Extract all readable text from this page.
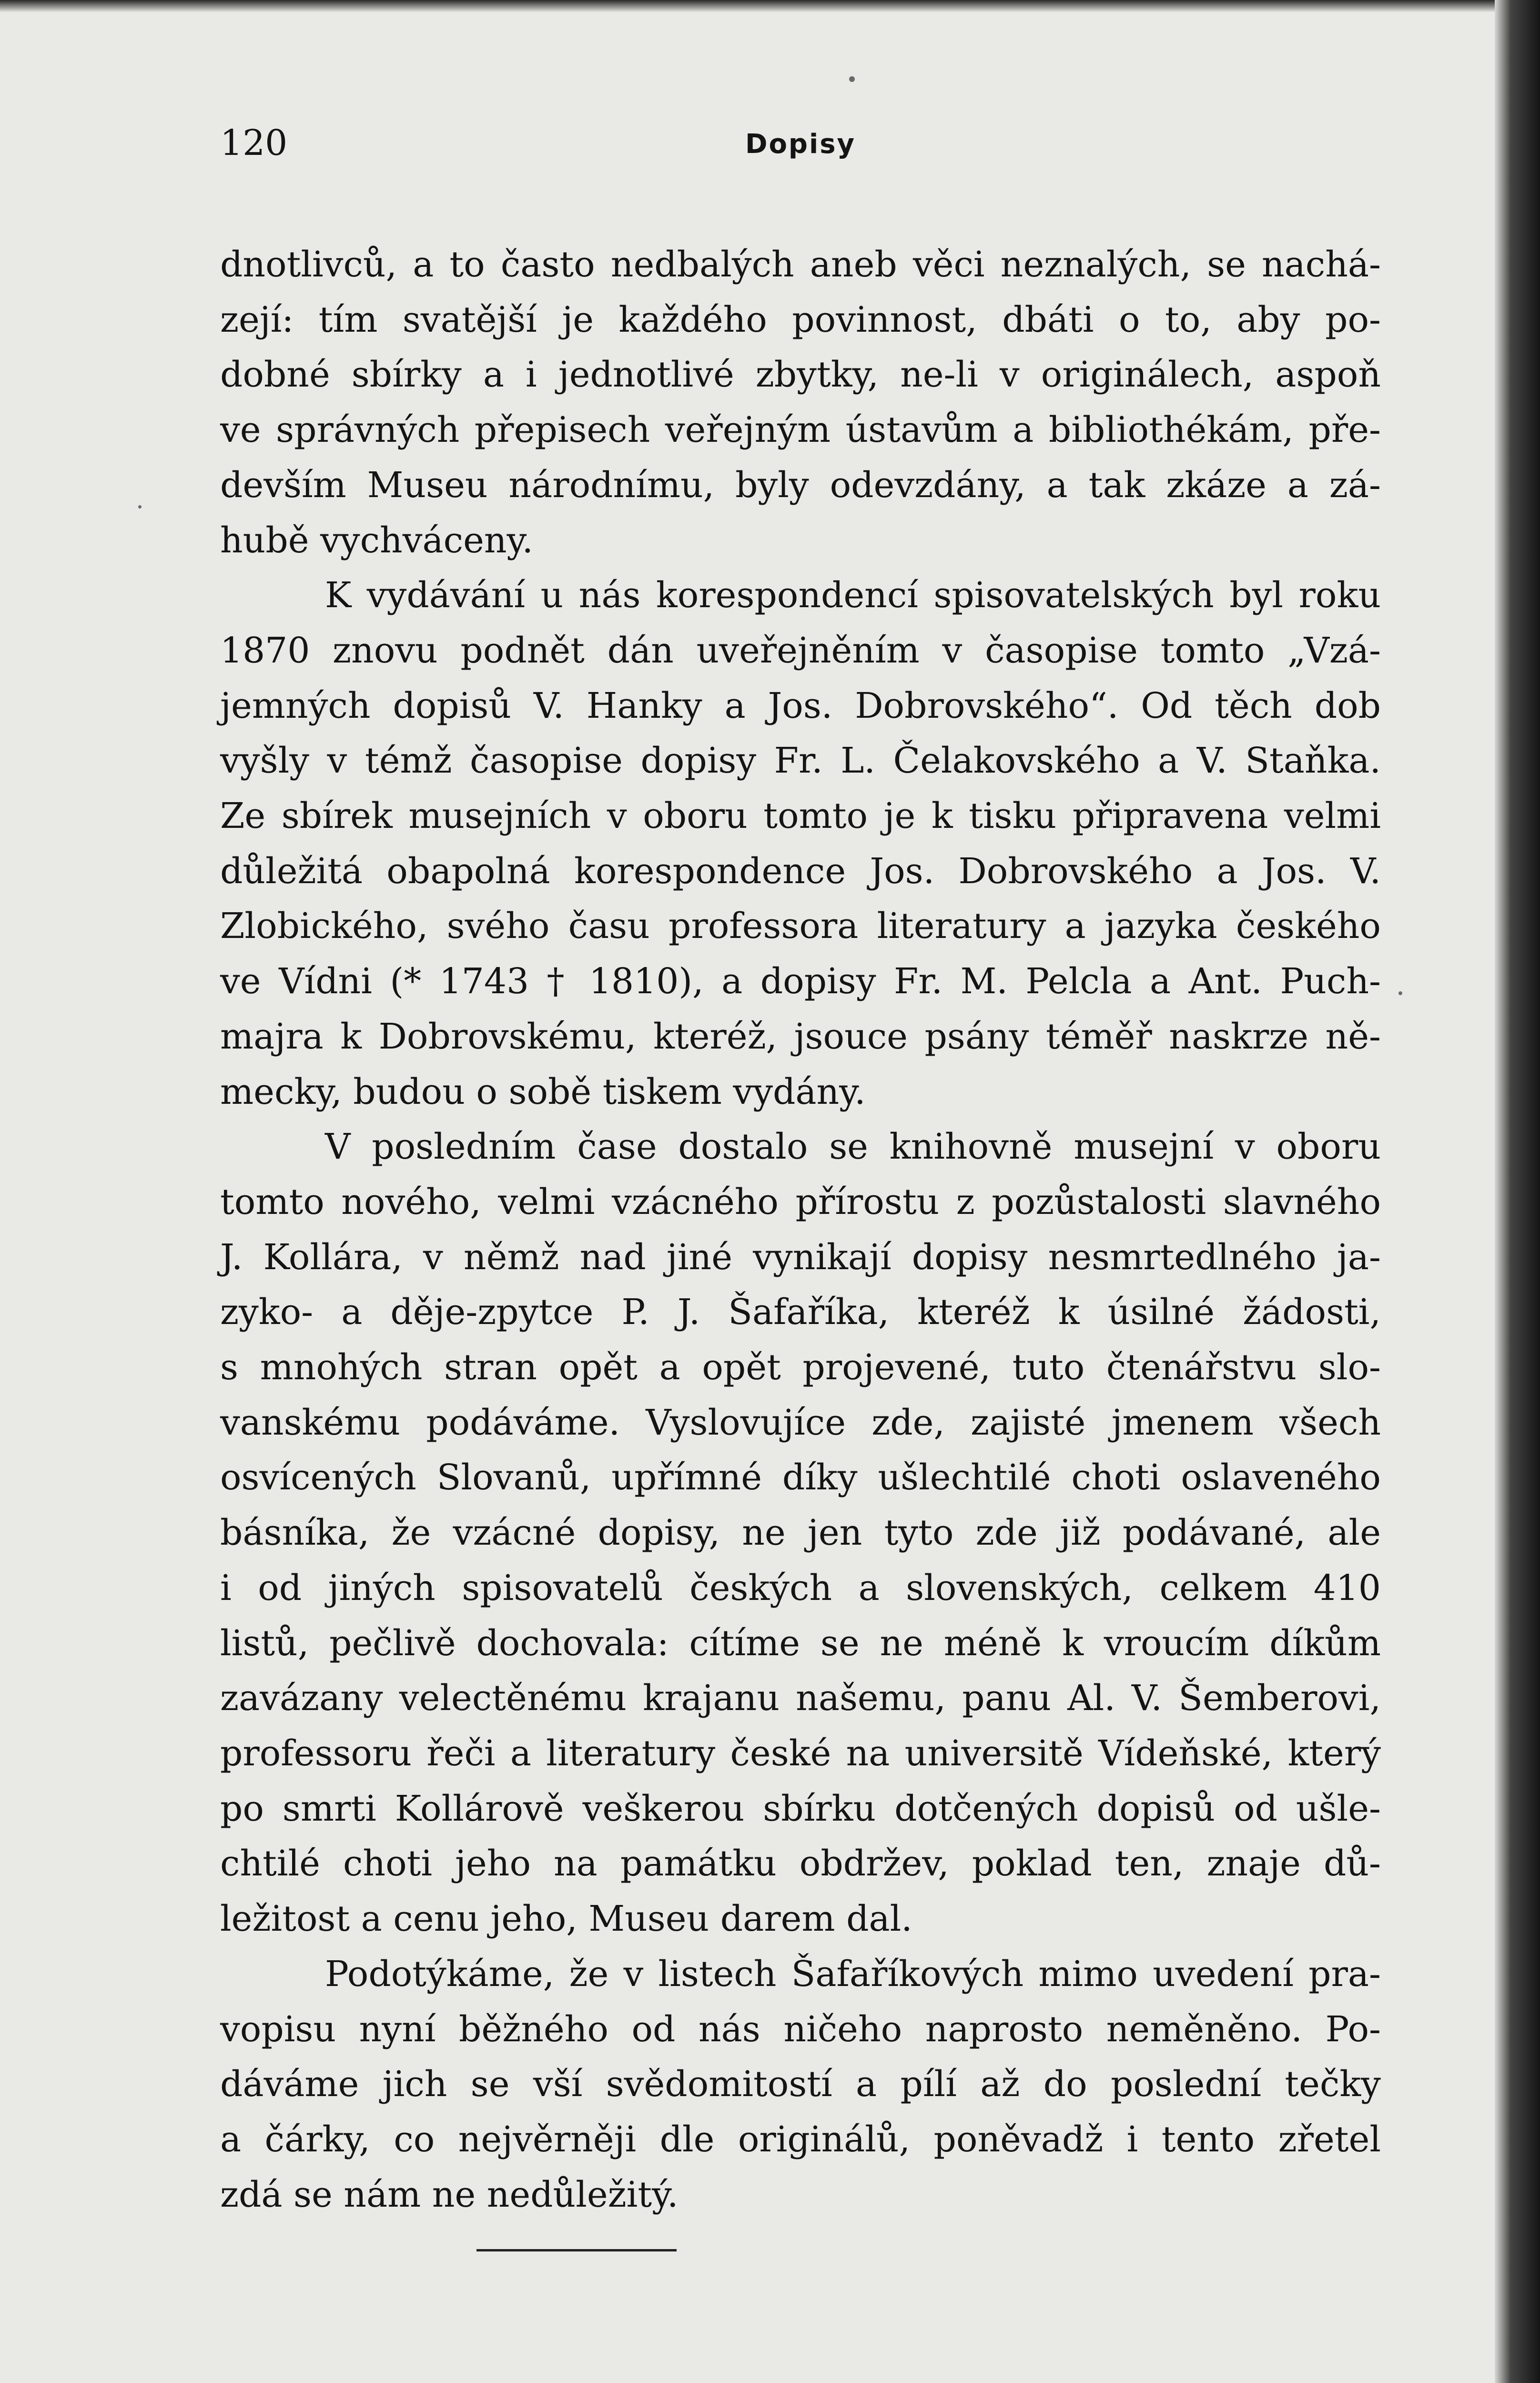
120	Dopisy
dnotlivců, a to často nedbalých aneb věci neznalých, se nachá-
zejí: tím svatější je každého povinnost, dbáti o to, aby po-
dobné sbírky a i jednotlivé zbytky, ne-li v originálech, aspoň
ve správných přepisech veřejným ústavům a bibliothékám, pře-
devším Museu národnímu, byly odevzdány, a tak zkáze a zá-
hubě vychváceny.
K vydávání u nás korespondencí spisovatelských byl roku
1870 znovu podnět dán uveřejněním v časopise tomto „Vzá-
jemných dopisů V. Hanky a Jos. Dobrovského“. Od těch dob
vyšly v témž časopise dopisy Fr. L. Čelakovského a V. Staňka.
Ze sbírek musejních v oboru tomto je k tisku připravena velmi
důležitá obapolná korespondence Jos. Dobrovského a Jos. V.
Zlobického, svého času professora literatury a jazyka českého
ve Vídni (* 1743 † 1810), a dopisy Fr. M. Pelcla a Ant. Puch-
majra k Dobrovskému, kteréž, jsouce psány téměř naskrze ně-
mecky, budou o sobě tiskem vydány.
V posledním čase dostalo se knihovně musejní v oboru
tomto nového, velmi vzácného přírostu z pozůstalosti slavného
J. Kollára, v němž nad jiné vynikají dopisy nesmrtedlného ja-
zyko- a děje-zpytce P. J. Šafaříka, kteréž k úsilné žádosti,
s mnohých stran opět a opět projevené, tuto čtenářstvu slo-
vanskému podáváme. Vyslovujíce zde, zajisté jmenem všech
osvícených Slovanů, upřímné díky ušlechtilé choti oslaveného
básníka, že vzácné dopisy, ne jen tyto zde již podávané, ale
i od jiných spisovatelů českých a slovenských, celkem 410
listů, pečlivě dochovala: cítíme se ne méně k vroucím díkům
zavázany velectěnému krajanu našemu, panu Al. V. Šemberovi,
professoru řeči a literatury české na universitě Vídeňské, který
po smrti Kollárově veškerou sbírku dotčených dopisů od ušle-
chtilé choti jeho na památku obdržev, poklad ten, znaje dů-
ležitost a cenu jeho, Museu darem dal.
Podotýkáme, že v listech Šafaříkových mimo uvedení pra-
vopisu nyní běžného od nás ničeho naprosto neměněno. Po-
dáváme jich se vší svědomitostí a pílí až do poslední tečky
a čárky, co nejvěrněji dle originálů, poněvadž i tento zřetel
zdá se nám ne nedůležitý.
